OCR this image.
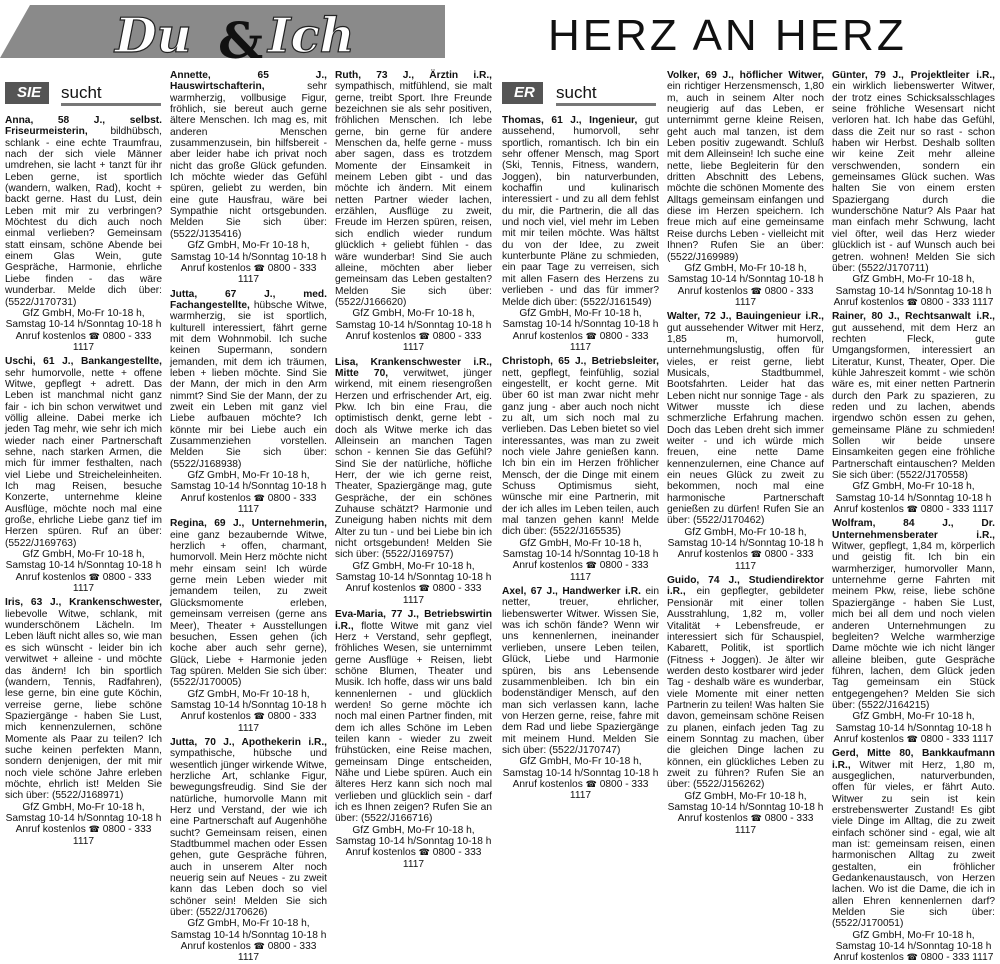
Du & Ich	HERZ AN HERZ
SIE	sucht	ER	sucht

Anna, 58 J., selbst. Friseurmeisterin, bildhübsch, schlank - eine echte Traumfrau, nach der sich viele Männer umdrehen, sie lacht + tanzt für ihr Leben gerne, ist sportlich (wandern, walken, Rad), kocht + backt gerne. Hast du Lust, dein Leben mit mir zu verbringen? Möchtest du dich auch noch einmal verlieben? Gemeinsam statt einsam, schöne Abende bei einem Glas Wein, gute Gespräche, Harmonie, ehrliche Liebe finden - das wäre wunderbar. Melde dich über: (5522/J170731)
GfZ GmbH, Mo-Fr 10-18 h,
Samstag 10-14 h/Sonntag 10-18 h
Anruf kostenlos ☎ 0800 - 333 1117

Uschi, 61 J., Bankangestellte, sehr humorvolle, nette + offene Witwe, gepflegt + adrett. Das Leben ist manchmal nicht ganz fair - ich bin schon verwitwet und völlig alleine. Dabei merke ich jeden Tag mehr, wie sehr ich mich wieder nach einer Partnerschaft sehne, nach starken Armen, die mich für immer festhalten, nach viel Liebe und Streicheleinheiten. Ich mag Reisen, besuche Konzerte, unternehme kleine Ausflüge, möchte noch mal eine große, ehrliche Liebe ganz tief im Herzen spüren. Ruf an über: (5522/J169763)
GfZ GmbH, Mo-Fr 10-18 h,
Samstag 10-14 h/Sonntag 10-18 h
Anruf kostenlos ☎ 0800 - 333 1117

Iris, 63 J., Krankenschwester, liebevolle Witwe, schlank, mit wunderschönem Lächeln. Im Leben läuft nicht alles so, wie man es sich wünscht - leider bin ich verwitwet + alleine - und möchte das ändern! Ich bin sportlich (wandern, Tennis, Radfahren), lese gerne, bin eine gute Köchin, verreise gerne, liebe schöne Spaziergänge - haben Sie Lust, mich kennenzulernen, schöne Momente als Paar zu teilen? Ich suche keinen perfekten Mann, sondern denjenigen, der mit mir noch viele schöne Jahre erleben möchte, ehrlich ist! Melden Sie sich über: (5522/J168971)
GfZ GmbH, Mo-Fr 10-18 h,
Samstag 10-14 h/Sonntag 10-18 h
Anruf kostenlos ☎ 0800 - 333 1117

Annette, 65 J., Hauswirtschafterin,	sehr warmherzig, vollbusige Figur, fröhlich, sie bereut auch gerne ältere Menschen. Ich mag es, mit anderen Menschen zusammenzusein, bin hilfsbereit - aber leider habe ich privat noch nicht das große Glück gefunden. Ich möchte wieder das Gefühl spüren, geliebt zu werden, bin eine gute Hausfrau, wäre bei Sympathie nicht ortsgebunden. Melden Sie sich über: (5522/J135416)
GfZ GmbH, Mo-Fr 10-18 h,
Samstag 10-14 h/Sonntag 10-18 h
Anruf kostenlos ☎ 0800 - 333 1117

Jutta, 67 J., med. Fachangestellte, hübsche Witwe, warmherzig, sie ist sportlich, kulturell interessiert, fährt gerne mit dem Wohnmobil. Ich suche keinen Supermann, sondern jemanden, mit dem ich träumen, leben + lieben möchte. Sind Sie der Mann, der mich in den Arm nimmt? Sind Sie der Mann, der zu zweit ein Leben mit ganz viel Liebe aufbauen möchte? Ich könnte mir bei Liebe auch ein Zusammenziehen vorstellen. Melden Sie sich über: (5522/J168938)
GfZ GmbH, Mo-Fr 10-18 h,
Samstag 10-14 h/Sonntag 10-18 h
Anruf kostenlos ☎ 0800 - 333 1117

Regina, 69 J., Unternehmerin, eine ganz bezaubernde Witwe, herzlich + offen, charmant, humorvoll. Mein Herz möchte nicht mehr einsam sein! Ich würde gerne mein Leben wieder mit jemandem teilen, zu zweit Glücksmomente erleben, gemeinsam verreisen (gerne ans Meer), Theater + Ausstellungen besuchen, Essen gehen (ich koche aber auch sehr gerne), Glück, Liebe + Harmonie jeden Tag spüren. Melden Sie sich über: (5522/J170005)
GfZ GmbH, Mo-Fr 10-18 h,
Samstag 10-14 h/Sonntag 10-18 h
Anruf kostenlos ☎ 0800 - 333 1117

Jutta, 70 J., Apothekerin i.R., sympathische, hübsche und wesentlich jünger wirkende Witwe, herzliche Art, schlanke Figur, bewegungsfreudig. Sind Sie der natürliche, humorvolle Mann mit Herz und Verstand, der wie ich eine Partnerschaft auf Augenhöhe sucht? Gemeinsam reisen, einen Stadtbummel machen oder Essen gehen, gute Gespräche führen, auch in unserem Alter noch neuerig sein auf Neues - zu zweit kann das Leben doch so viel schöner sein! Melden Sie sich über: (5522/J170626)
GfZ GmbH, Mo-Fr 10-18 h,
Samstag 10-14 h/Sonntag 10-18 h
Anruf kostenlos ☎ 0800 - 333 1117

Ruth, 73 J., Ärztin i.R., sympathisch, mitfühlend, sie malt gerne, treibt Sport. Ihre Freunde bezeichnen sie als sehr positiven, fröhlichen Menschen. Ich lebe gerne, bin gerne für andere Menschen da, helfe gerne - muss aber sagen, dass es trotzdem Momente der Einsamkeit in meinem Leben gibt - und das möchte ich ändern. Mit einem netten Partner wieder lachen, erzählen, Ausflüge zu zweit, Freude im Herzen spüren, reisen, sich endlich wieder rundum glücklich + geliebt fühlen - das wäre wunderbar! Sind Sie auch alleine, möchten aber lieber gemeinsam das Leben gestalten? Melden Sie sich über: (5522/J166620)
GfZ GmbH, Mo-Fr 10-18 h,
Samstag 10-14 h/Sonntag 10-18 h
Anruf kostenlos ☎ 0800 - 333 1117

Lisa, Krankenschwester i.R., Mitte 70, verwitwet, jünger wirkend, mit einem riesengroßen Herzen und erfrischender Art, eig. Pkw. Ich bin eine Frau, die optimistisch denkt, gerne lebt - doch als Witwe merke ich das Alleinsein an manchen Tagen schon - kennen Sie das Gefühl? Sind Sie der natürliche, höfliche Herr, der wie ich gerne reist, Theater, Spaziergänge mag, gute Gespräche, der ein schönes Zuhause schätzt? Harmonie und Zuneigung haben nichts mit dem Alter zu tun - und bei Liebe bin ich nicht ortsgebunden! Melden Sie sich über: (5522/J169757)
GfZ GmbH, Mo-Fr 10-18 h,
Samstag 10-14 h/Sonntag 10-18 h
Anruf kostenlos ☎ 0800 - 333 1117

Eva-Maria, 77 J., Betriebswirtin i.R., flotte Witwe mit ganz viel Herz + Verstand, sehr gepflegt, fröhliches Wesen, sie unternimmt gerne Ausflüge + Reisen, liebt schöne Blumen, Theater und Musik. Ich hoffe, dass wir uns bald kennenlernen - und glücklich werden! So gerne möchte ich noch mal einen Partner finden, mit dem ich alles Schöne im Leben teilen kann - wieder zu zweit frühstücken, eine Reise machen, gemeinsam Dinge entscheiden, Nähe und Liebe spüren. Auch ein älteres Herz kann sich noch mal verlieben und glücklich sein - darf ich es Ihnen zeigen? Rufen Sie an über: (5522/J166716)
GfZ GmbH, Mo-Fr 10-18 h,
Samstag 10-14 h/Sonntag 10-18 h
Anruf kostenlos ☎ 0800 - 333 1117

Thomas, 61 J., Ingenieur, gut aussehend, humorvoll, sehr sportlich, romantisch. Ich bin ein sehr offener Mensch, mag Sport (Ski, Tennis, Fitness, wandern, Joggen), bin naturverbunden, kochaffin und kulinarisch interessiert - und zu all dem fehlst du mir, die Partnerin, die all das und noch viel, viel mehr im Leben mit mir teilen möchte. Was hältst du von der Idee, zu zweit kunterbunte Pläne zu schmieden, ein paar Tage zu verreisen, sich mit allen Fasern des Herzens zu verlieben - und das für immer? Melde dich über: (5522/J161549)
GfZ GmbH, Mo-Fr 10-18 h,
Samstag 10-14 h/Sonntag 10-18 h
Anruf kostenlos ☎ 0800 - 333 1117

Christoph, 65 J., Betriebsleiter, nett, gepflegt, feinfühlig, sozial eingestellt, er kocht gerne. Mit über 60 ist man zwar nicht mehr ganz jung - aber auch noch nicht zu alt, um sich noch mal zu verlieben. Das Leben bietet so viel interessantes, was man zu zweit noch viele Jahre genießen kann. Ich bin ein im Herzen fröhlicher Mensch, der die Dinge mit einem Schuss Optimismus sieht, wünsche mir eine Partnerin, mit der ich alles im Leben teilen, auch mal tanzen gehen kann! Melde dich über: (5522/J165535)
GfZ GmbH, Mo-Fr 10-18 h,
Samstag 10-14 h/Sonntag 10-18 h
Anruf kostenlos ☎ 0800 - 333 1117

Axel, 67 J., Handwerker i.R. ein netter, treuer, ehrlicher, liebenswerter Witwer. Wissen Sie, was ich schön fände? Wenn wir uns kennenlernen, ineinander verlieben, unsere Leben teilen, Glück, Liebe und Harmonie spüren, bis ans Lebensende zusammenbleiben. Ich bin ein bodenständiger Mensch, auf den man sich verlassen kann, lache von Herzen gerne, reise, fahre mit dem Rad und liebe Spaziergänge mit meinem Hund. Melden Sie sich über: (5522/J170747)
GfZ GmbH, Mo-Fr 10-18 h,
Samstag 10-14 h/Sonntag 10-18 h
Anruf kostenlos ☎ 0800 - 333 1117

Volker, 69 J., höflicher Witwer, ein richtiger Herzensmensch, 1,80 m, auch in seinem Alter noch neugierig auf das Leben, er unternimmt gerne kleine Reisen, geht auch mal tanzen, ist dem Leben positiv zugewandt. Schluß mit dem Alleinsein! Ich suche eine nette, liebe Begleiterin für den dritten Abschnitt des Lebens, möchte die schönen Momente des Alltags gemeinsam einfangen und diese im Herzen speichern. Ich freue mich auf eine gemeinsame Reise durchs Leben - vielleicht mit Ihnen? Rufen Sie an über: (5522/J169989)
GfZ GmbH, Mo-Fr 10-18 h,
Samstag 10-14 h/Sonntag 10-18 h
Anruf kostenlos ☎ 0800 - 333 1117

Walter, 72 J., Bauingenieur i.R., gut aussehender Witwer mit Herz, 1,85 m, humorvoll, unternehmungslustig, offen für vieles, er reist gerne, liebt Musicals, Stadtbummel, Bootsfahrten. Leider hat das Leben nicht nur sonnige Tage - als Witwer musste ich diese schmerzliche Erfahrung machen. Doch das Leben dreht sich immer weiter - und ich würde mich freuen, eine nette Dame kennenzulernen, eine Chance auf ein neues Glück zu zweit zu bekommen, noch mal eine harmonische Partnerschaft genießen zu dürfen! Rufen Sie an über: (5522/J170462)
GfZ GmbH, Mo-Fr 10-18 h,
Samstag 10-14 h/Sonntag 10-18 h
Anruf kostenlos ☎ 0800 - 333 1117

Guido, 74 J., Studiendirektor i.R., ein gepflegter, gebildeter Pensionär mit einer tollen Ausstrahlung, 1,82 m, voller Vitalität + Lebensfreude, er interessiert sich für Schauspiel, Kabarett, Politik, ist sportlich (Fitness + Joggen). Je älter wir werden desto kostbarer wird jeder Tag - deshalb wäre es wunderbar, viele Momente mit einer netten Partnerin zu teilen! Was halten Sie davon, gemeinsam schöne Reisen zu planen, einfach jeden Tag zu einem Sonntag zu machen, über die gleichen Dinge lachen zu können, ein glückliches Leben zu zweit zu führen? Rufen Sie an über: (5522/J156262)
GfZ GmbH, Mo-Fr 10-18 h,
Samstag 10-14 h/Sonntag 10-18 h
Anruf kostenlos ☎ 0800 - 333 1117

Günter, 79 J., Projektleiter i.R., ein wirklich liebenswerter Witwer, der trotz eines Schicksalsschlages seine fröhliche Wesensart nicht verloren hat. Ich habe das Gefühl, dass die Zeit nur so rast - schon haben wir Herbst. Deshalb sollten wir keine Zeit mehr alleine verschwenden, sondern ein gemeinsames Glück suchen. Was halten Sie von einem ersten Spaziergang durch die wunderschöne Natur? Als Paar hat man einfach mehr Schwung, lacht viel öfter, weil das Herz wieder glücklich ist - auf Wunsch auch bei getren. wohnen! Melden Sie sich über: (5522/J170711)
GfZ GmbH, Mo-Fr 10-18 h,
Samstag 10-14 h/Sonntag 10-18 h
Anruf kostenlos ☎ 0800 - 333 1117

Rainer, 80 J., Rechtsanwalt i.R., gut aussehend, mit dem Herz an rechten Fleck, gute Umgangsformen, interessiert an Literatur, Kunst, Theater, Oper. Die kühle Jahreszeit kommt - wie schön wäre es, mit einer netten Partnerin durch den Park zu spazieren, zu reden und zu lachen, abends irgendwo schön essen zu gehen, gemeinsame Pläne zu schmieden! Sollen wir beide unsere Einsamkeiten gegen eine fröhliche Partnerschaft eintauschen? Melden Sie sich über: (5522/J170558)
GfZ GmbH, Mo-Fr 10-18 h,
Samstag 10-14 h/Sonntag 10-18 h
Anruf kostenlos ☎ 0800 - 333 1117

Wolfram, 84 J., Dr. Unternehmensberater i.R., Witwer, gepflegt, 1,84 m, körperlich und geistig fit. Ich bin ein warmherziger, humorvoller Mann, unternehme gerne Fahrten mit meinem Pkw, reise, liebe schöne Spaziergänge - haben Sie Lust, mich bei all dem und noch vielen anderen Unternehmungen zu begleiten? Welche warmherzige Dame möchte wie ich nicht länger alleine bleiben, gute Gespräche führen, lachen, dem Glück jeden Tag gemeinsam ein Stück entgegengehen? Melden Sie sich über: (5522/J164215)
GfZ GmbH, Mo-Fr 10-18 h,
Samstag 10-14 h/Sonntag 10-18 h
Anruf kostenlos ☎ 0800 - 333 1117

Gerd, Mitte 80, Bankkaufmann i.R., Witwer mit Herz, 1,80 m, ausgeglichen, naturverbunden, offen für vieles, er fährt Auto. Witwer zu sein ist kein erstrebenswerter Zustand! Es gibt viele Dinge im Alltag, die zu zweit einfach schöner sind - egal, wie alt man ist: gemeinsam reisen, einen harmonischen Alltag zu zweit gestalten, ein fröhlicher Gedankenaustausch, von Herzen lachen. Wo ist die Dame, die ich in allen Ehren kennenlernen darf? Melden Sie sich über: (5522/J170051)
GfZ GmbH, Mo-Fr 10-18 h,
Samstag 10-14 h/Sonntag 10-18 h
Anruf kostenlos ☎ 0800 - 333 1117
